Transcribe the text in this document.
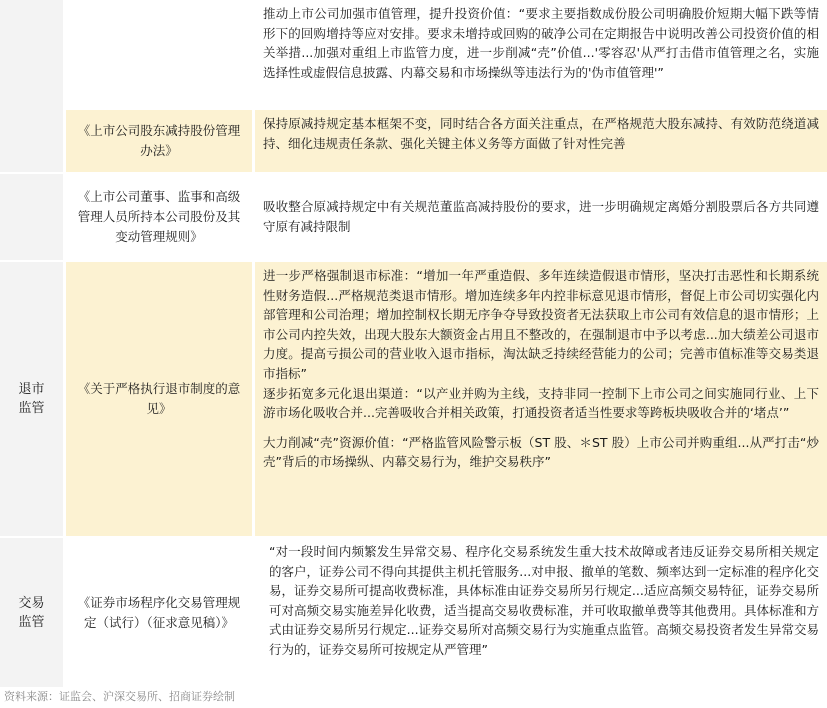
推动上市公司加强市值管理，提升投资价值：“要求主要指数成份股公司明确股价短期大幅下跌等情形下的回购增持等应对安排。要求未增持或回购的破净公司在定期报告中说明改善公司投资价值的相关举措...加强对重组上市监管力度，进一步削减“壳”价值...'零容忍'从严打击借市值管理之名，实施选择性或虚假信息披露、内幕交易和市场操纵等违法行为的'伪市值管理'”

《上市公司股东减持股份管理办法》

保持原减持规定基本框架不变，同时结合各方面关注重点，在严格规范大股东减持、有效防范绕道减持、细化违规责任条款、强化关键主体义务等方面做了针对性完善

《上市公司董事、监事和高级管理人员所持本公司股份及其变动管理规则》

吸收整合原减持规定中有关规范董监高减持股份的要求，进一步明确规定离婚分割股票后各方共同遵守原有减持限制

退市监管
《关于严格执行退市制度的意见》

进一步严格强制退市标准：“增加一年严重造假、多年连续造假退市情形，坚决打击恶性和长期系统性财务造假...严格规范类退市情形。增加连续多年内控非标意见退市情形，督促上市公司切实强化内部管理和公司治理；增加控制权长期无序争夺导致投资者无法获取上市公司有效信息的退市情形；上市公司内控失效，出现大股东大额资金占用且不整改的，在强制退市中予以考虑...加大绩差公司退市力度。提高亏损公司的营业收入退市指标，淘汰缺乏持续经营能力的公司；完善市值标准等交易类退市指标”

逐步拓宽多元化退出渠道：“以产业并购为主线，支持非同一控制下上市公司之间实施同行业、上下游市场化吸收合并...完善吸收合并相关政策，打通投资者适当性要求等跨板块吸收合并的‘堵点’”

大力削减“壳”资源价值：“严格监管风险警示板（ST 股、＊ST 股）上市公司并购重组...从严打击“炒壳”背后的市场操纵、内幕交易行为，维护交易秩序”

交易监管
《证券市场程序化交易管理规定（试行）（征求意见稿）》

“对一段时间内频繁发生异常交易、程序化交易系统发生重大技术故障或者违反证券交易所相关规定的客户，证券公司不得向其提供主机托管服务...对申报、撤单的笔数、频率达到一定标准的程序化交易，证券交易所可提高收费标准，具体标准由证券交易所另行规定...适应高频交易特征，证券交易所可对高频交易实施差异化收费，适当提高交易收费标准，并可收取撤单费等其他费用。具体标准和方式由证券交易所另行规定...证券交易所对高频交易行为实施重点监管。高频交易投资者发生异常交易行为的，证券交易所可按规定从严管理”

资料来源：证监会、沪深交易所、招商证券绘制
